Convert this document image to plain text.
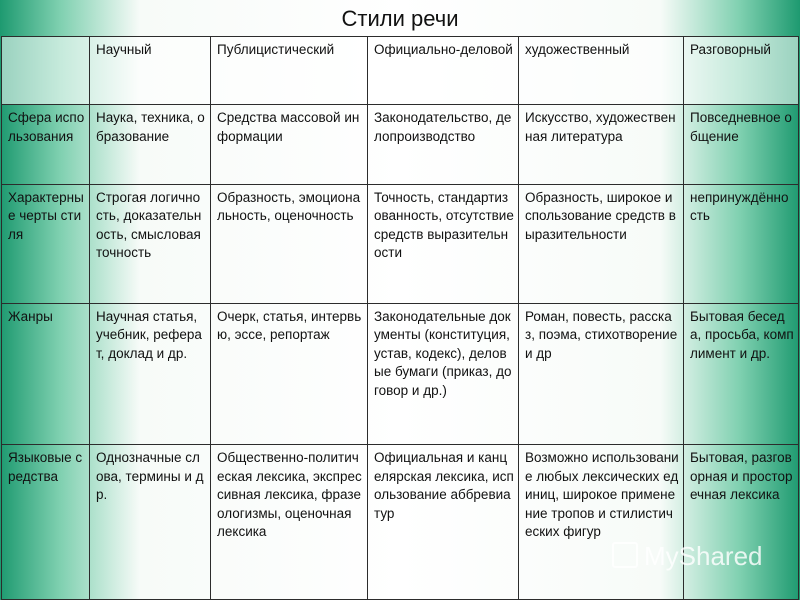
Стили речи
	Научный	Публицистический	Официально-деловой	художественный	Разговорный
Сфера использования	Наука, техника, образование	Средства массовой информации	Законодательство, делопроизводство	Искусство, художественная литература	Повседневное общение
Характерные черты стиля	Строгая логичность, доказательность, смысловая точность	Образность, эмоциональность, оценочность	Точность, стандартизованность, отсутствие средств выразительности	Образность, широкое использование средств выразительности	непринуждённость
Жанры	Научная статья, учебник, реферат, доклад и др.	Очерк, статья, интервью, эссе, репортаж	Законодательные документы (конституция, устав, кодекс), деловые бумаги (приказ, договор и др.)	Роман, повесть, рассказ, поэма, стихотворение и др	Бытовая беседа, просьба, комплимент и др.
Языковые средства	Однозначные слова, термины и др.	Общественно-политическая лексика, экспрессивная лексика, фразеологизмы, оценочная лексика	Официальная и канцелярская лексика, использование аббревиатур	Возможно использование любых лексических единиц, широкое применение тропов и стилистических фигур	Бытовая, разговорная и просторечная лексика
MyShared
